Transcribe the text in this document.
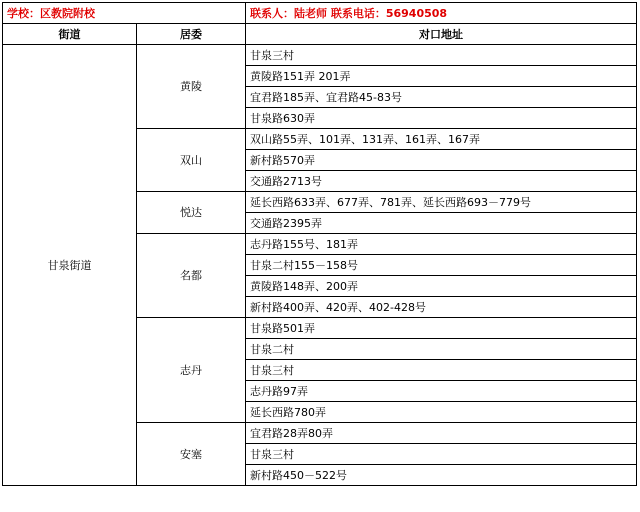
学校：区教院附校		联系人：陆老师 联系电话：56940508
街道	居委	对口地址
甘泉街道	黄陵	甘泉三村
		黄陵路151弄 201弄
		宜君路185弄、宜君路45-83号
		甘泉路630弄
	双山	双山路55弄、101弄、131弄、161弄、167弄
		新村路570弄
		交通路2713号
	悦达	延长西路633弄、677弄、781弄、延长西路693－779号
		交通路2395弄
	名都	志丹路155号、181弄
		甘泉二村155－158号
		黄陵路148弄、200弄
		新村路400弄、420弄、402-428号
	志丹	甘泉路501弄
		甘泉二村
		甘泉三村
		志丹路97弄
		延长西路780弄
	安塞	宜君路28弄80弄
		甘泉三村
		新村路450－522号
